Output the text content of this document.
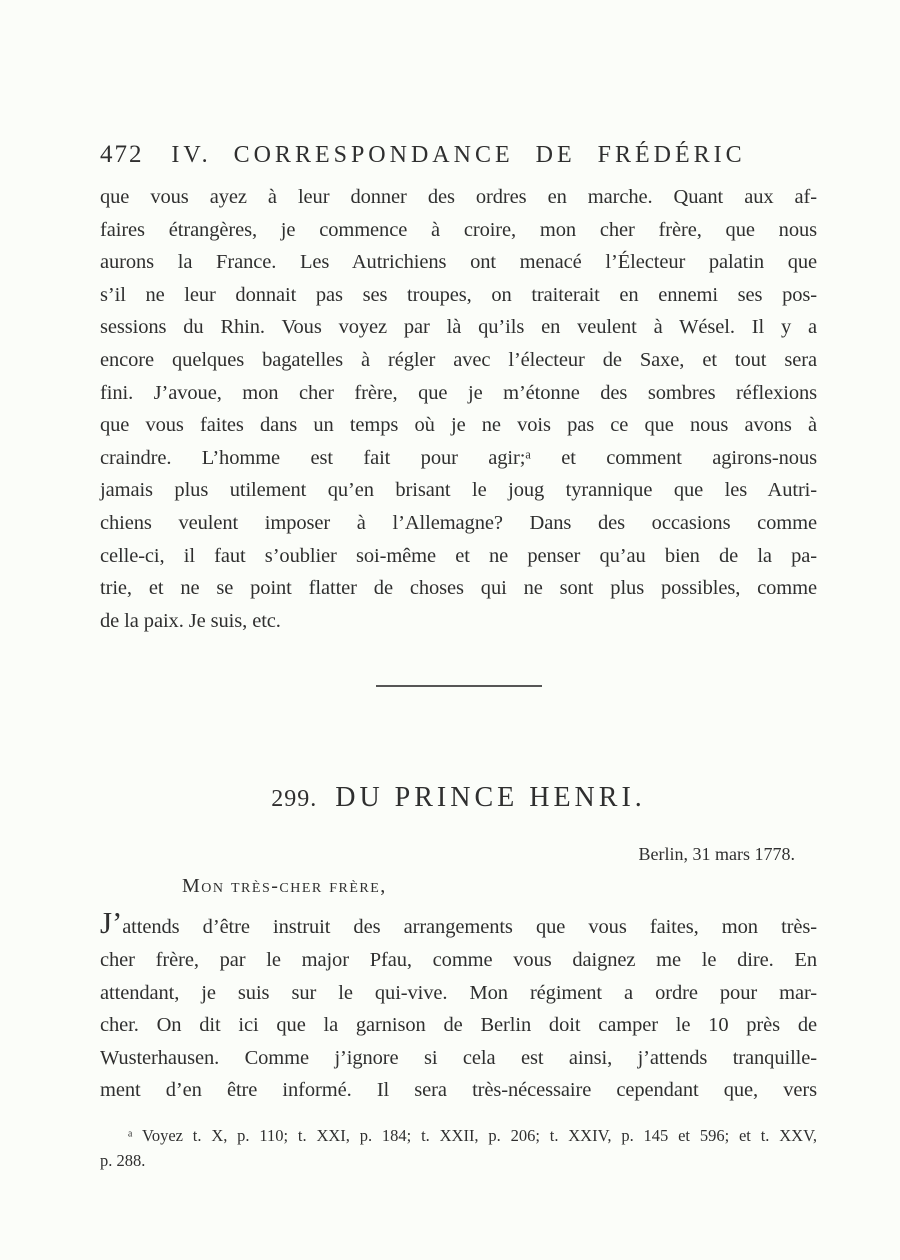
472 IV. CORRESPONDANCE DE FRÉDÉRIC
que vous ayez à leur donner des ordres en marche. Quant aux af-
faires étrangères, je commence à croire, mon cher frère, que nous
aurons la France. Les Autrichiens ont menacé l’Électeur palatin que
s’il ne leur donnait pas ses troupes, on traiterait en ennemi ses pos-
sessions du Rhin. Vous voyez par là qu’ils en veulent à Wésel. Il y a
encore quelques bagatelles à régler avec l’électeur de Saxe, et tout sera
fini. J’avoue, mon cher frère, que je m’étonne des sombres réflexions
que vous faites dans un temps où je ne vois pas ce que nous avons à
craindre. L’homme est fait pour agir;ᵃ et comment agirons-nous
jamais plus utilement qu’en brisant le joug tyrannique que les Autri-
chiens veulent imposer à l’Allemagne? Dans des occasions comme
celle-ci, il faut s’oublier soi-même et ne penser qu’au bien de la pa-
trie, et ne se point flatter de choses qui ne sont plus possibles, comme
de la paix. Je suis, etc.
299. DU PRINCE HENRI.
Berlin, 31 mars 1778.
Mon très-cher frère,
J’attends d’être instruit des arrangements que vous faites, mon très-
cher frère, par le major Pfau, comme vous daignez me le dire. En
attendant, je suis sur le qui-vive. Mon régiment a ordre pour mar-
cher. On dit ici que la garnison de Berlin doit camper le 10 près de
Wusterhausen. Comme j’ignore si cela est ainsi, j’attends tranquille-
ment d’en être informé. Il sera très-nécessaire cependant que, vers
ᵃ Voyez t. X, p. 110; t. XXI, p. 184; t. XXII, p. 206; t. XXIV, p. 145 et 596; et t. XXV,
p. 288.
